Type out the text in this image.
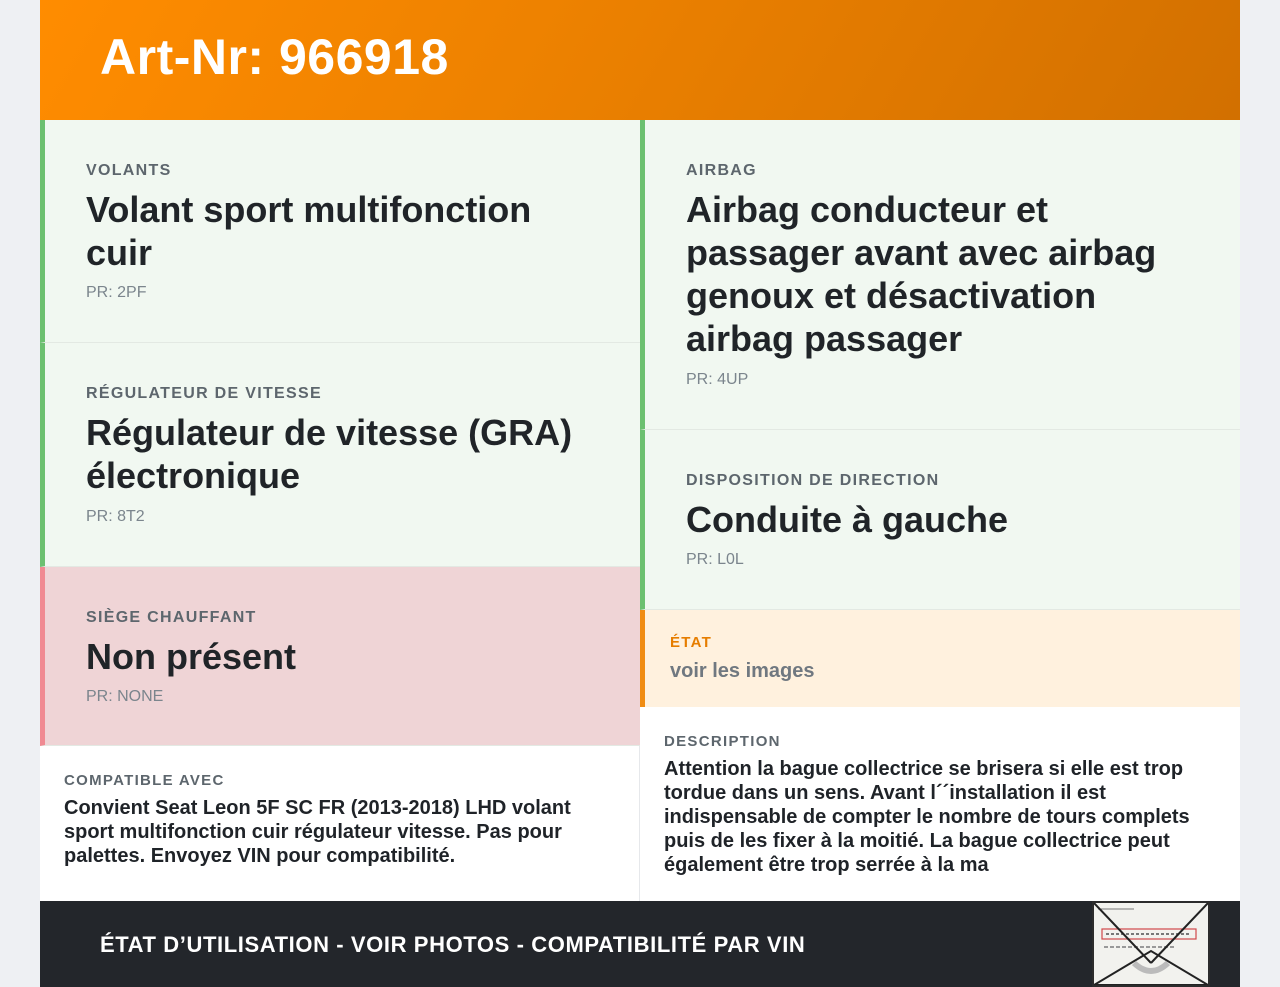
Art-Nr: 966918
VOLANTS
Volant sport multifonction cuir
PR: 2PF
RÉGULATEUR DE VITESSE
Régulateur de vitesse (GRA) électronique
PR: 8T2
SIÈGE CHAUFFANT
Non présent
PR: NONE
COMPATIBLE AVEC
Convient Seat Leon 5F SC FR (2013-2018) LHD volant sport multifonction cuir régulateur vitesse. Pas pour palettes. Envoyez VIN pour compatibilité.
AIRBAG
Airbag conducteur et passager avant avec airbag genoux et désactivation airbag passager
PR: 4UP
DISPOSITION DE DIRECTION
Conduite à gauche
PR: L0L
ÉTAT
voir les images
DESCRIPTION
Attention la bague collectrice se brisera si elle est trop tordue dans un sens. Avant l´´installation il est indispensable de compter le nombre de tours complets puis de les fixer à la moitié. La bague collectrice peut également être trop serrée à la ma
ÉTAT D’UTILISATION - VOIR PHOTOS - COMPATIBILITÉ PAR VIN
